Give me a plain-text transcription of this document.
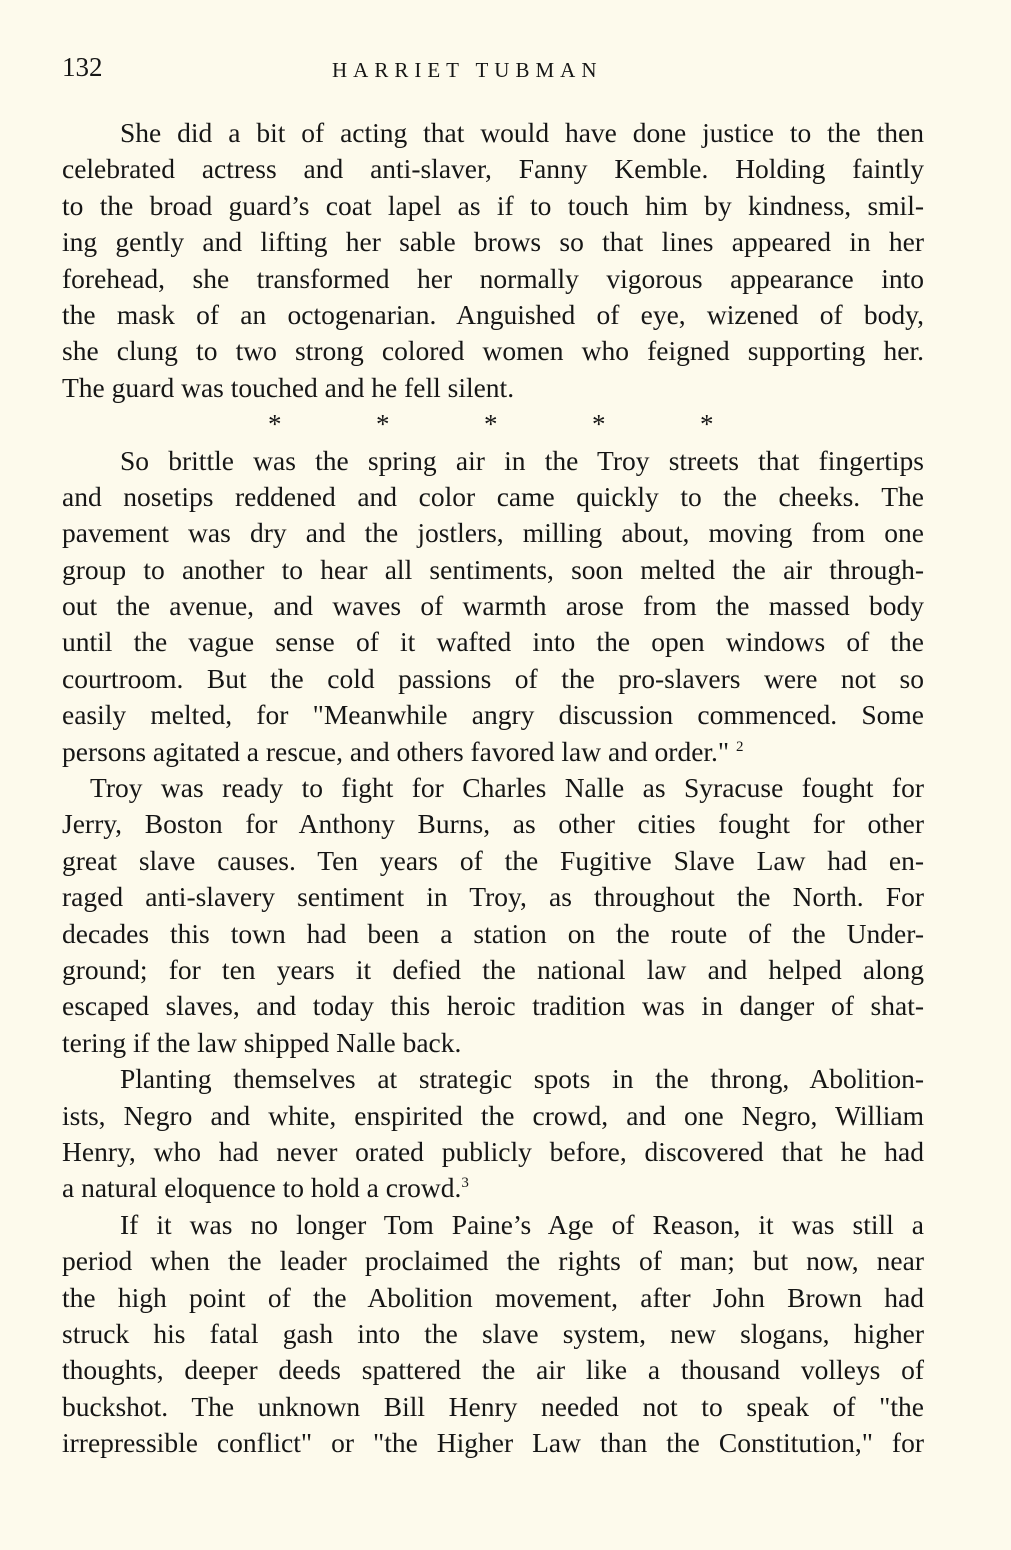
132	HARRIET TUBMAN
She did a bit of acting that would have done justice to the then
celebrated actress and anti-slaver, Fanny Kemble. Holding faintly
to the broad guard’s coat lapel as if to touch him by kindness, smil-
ing gently and lifting her sable brows so that lines appeared in her
forehead, she transformed her normally vigorous appearance into
the mask of an octogenarian. Anguished of eye, wizened of body,
she clung to two strong colored women who feigned supporting her.
The guard was touched and he fell silent.
*	*	*	*	*
So brittle was the spring air in the Troy streets that fingertips
and nosetips reddened and color came quickly to the cheeks. The
pavement was dry and the jostlers, milling about, moving from one
group to another to hear all sentiments, soon melted the air through-
out the avenue, and waves of warmth arose from the massed body
until the vague sense of it wafted into the open windows of the
courtroom. But the cold passions of the pro-slavers were not so
easily melted, for "Meanwhile angry discussion commenced. Some
persons agitated a rescue, and others favored law and order." $^2$
Troy was ready to fight for Charles Nalle as Syracuse fought for
Jerry, Boston for Anthony Burns, as other cities fought for other
great slave causes. Ten years of the Fugitive Slave Law had en-
raged anti-slavery sentiment in Troy, as throughout the North. For
decades this town had been a station on the route of the Under-
ground; for ten years it defied the national law and helped along
escaped slaves, and today this heroic tradition was in danger of shat-
tering if the law shipped Nalle back.
Planting themselves at strategic spots in the throng, Abolition-
ists, Negro and white, enspirited the crowd, and one Negro, William
Henry, who had never orated publicly before, discovered that he had
a natural eloquence to hold a crowd.$^3$
If it was no longer Tom Paine’s Age of Reason, it was still a
period when the leader proclaimed the rights of man; but now, near
the high point of the Abolition movement, after John Brown had
struck his fatal gash into the slave system, new slogans, higher
thoughts, deeper deeds spattered the air like a thousand volleys of
buckshot. The unknown Bill Henry needed not to speak of "the
irrepressible conflict" or "the Higher Law than the Constitution," for
